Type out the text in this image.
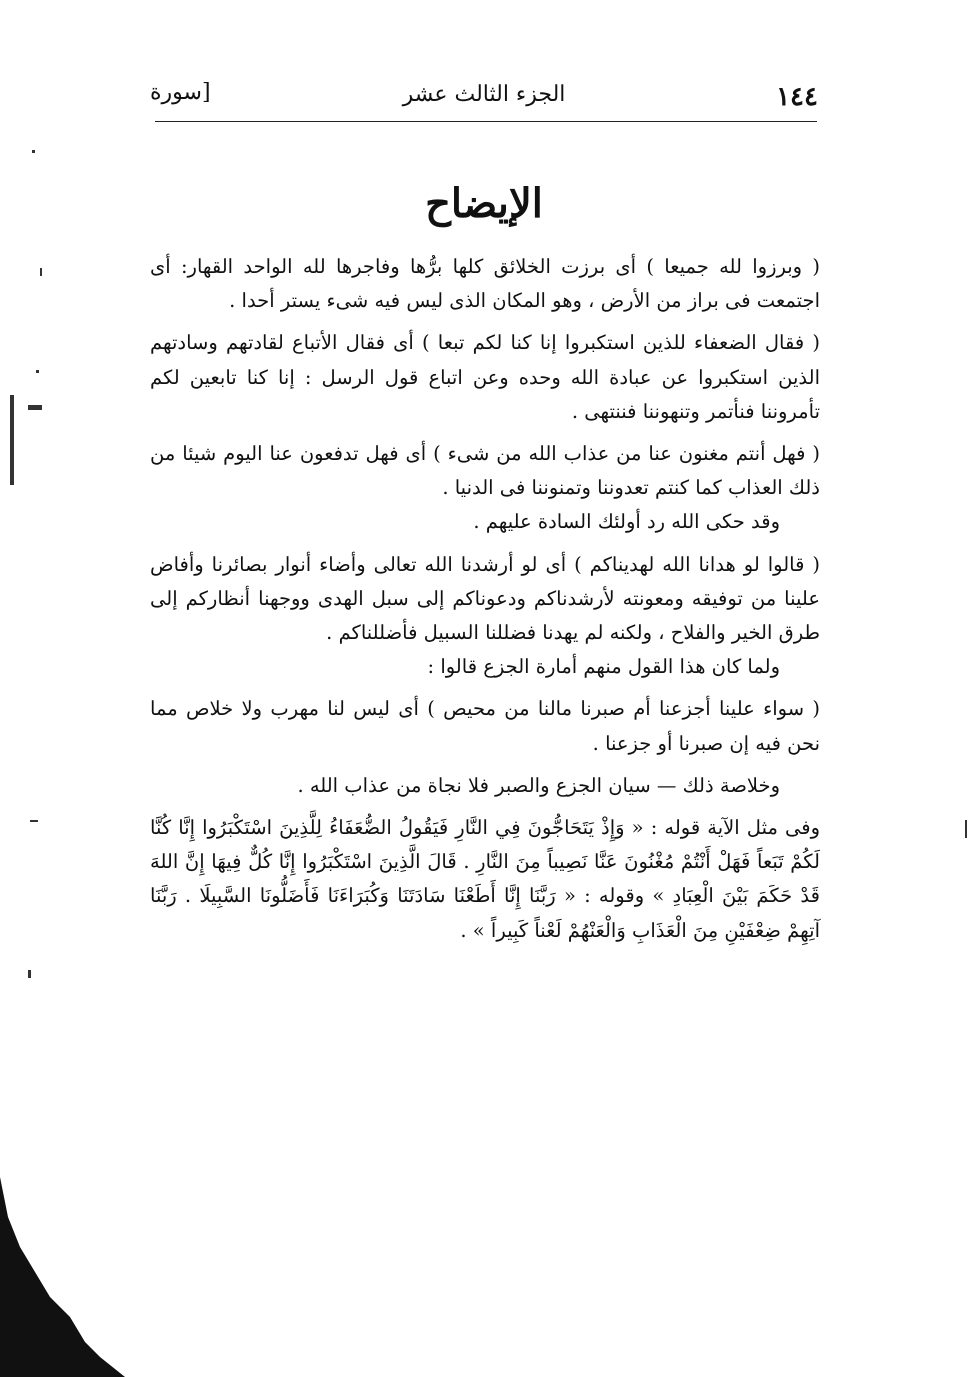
١٤٤
الجزء الثالث عشر
[سورة
الإيضاح

( وبرزوا لله جميعا ) أى برزت الخلائق كلها برُّها وفاجرها لله الواحد القهار: أى اجتمعت فى براز من الأرض ، وهو المكان الذى ليس فيه شىء يستر أحدا .

( فقال الضعفاء للذين استكبروا إنا كنا لكم تبعا ) أى فقال الأتباع لقادتهم وسادتهم الذين استكبروا عن عبادة الله وحده وعن اتباع قول الرسل : إنا كنا تابعين لكم تأمروننا فنأتمر وتنهوننا فننتهى .

( فهل أنتم مغنون عنا من عذاب الله من شىء ) أى فهل تدفعون عنا اليوم شيئا من ذلك العذاب كما كنتم تعدوننا وتمنوننا فى الدنيا .

وقد حكى الله رد أولئك السادة عليهم .

( قالوا لو هدانا الله لهديناكم ) أى لو أرشدنا الله تعالى وأضاء أنوار بصائرنا وأفاض علينا من توفيقه ومعونته لأرشدناكم ودعوناكم إلى سبل الهدى ووجهنا أنظاركم إلى طرق الخير والفلاح ، ولكنه لم يهدنا فضللنا السبيل فأضللناكم .

ولما كان هذا القول منهم أمارة الجزع قالوا :

( سواء علينا أجزعنا أم صبرنا مالنا من محيص ) أى ليس لنا مهرب ولا خلاص مما نحن فيه إن صبرنا أو جزعنا .

وخلاصة ذلك — سيان الجزع والصبر فلا نجاة من عذاب الله .

وفى مثل الآية قوله : « وَإِذْ يَتَحَاجُّونَ فِي النَّارِ فَيَقُولُ الضُّعَفَاءُ لِلَّذِينَ اسْتَكْبَرُوا إِنَّا كُنَّا لَكُمْ تَبَعاً فَهَلْ أَنْتُمْ مُغْنُونَ عَنَّا نَصِيباً مِنَ النَّارِ . قَالَ الَّذِينَ اسْتَكْبَرُوا إِنَّا كُلٌّ فِيهَا إِنَّ اللهَ قَدْ حَكَمَ بَيْنَ الْعِبَادِ » وقوله : « رَبَّنَا إِنَّا أَطَعْنَا سَادَتَنَا وَكُبَرَاءَنَا فَأَضَلُّونَا السَّبِيلَا . رَبَّنَا آتِهِمْ ضِعْفَيْنِ مِنَ الْعَذَابِ وَالْعَنْهُمْ لَعْناً كَبِيراً » .
